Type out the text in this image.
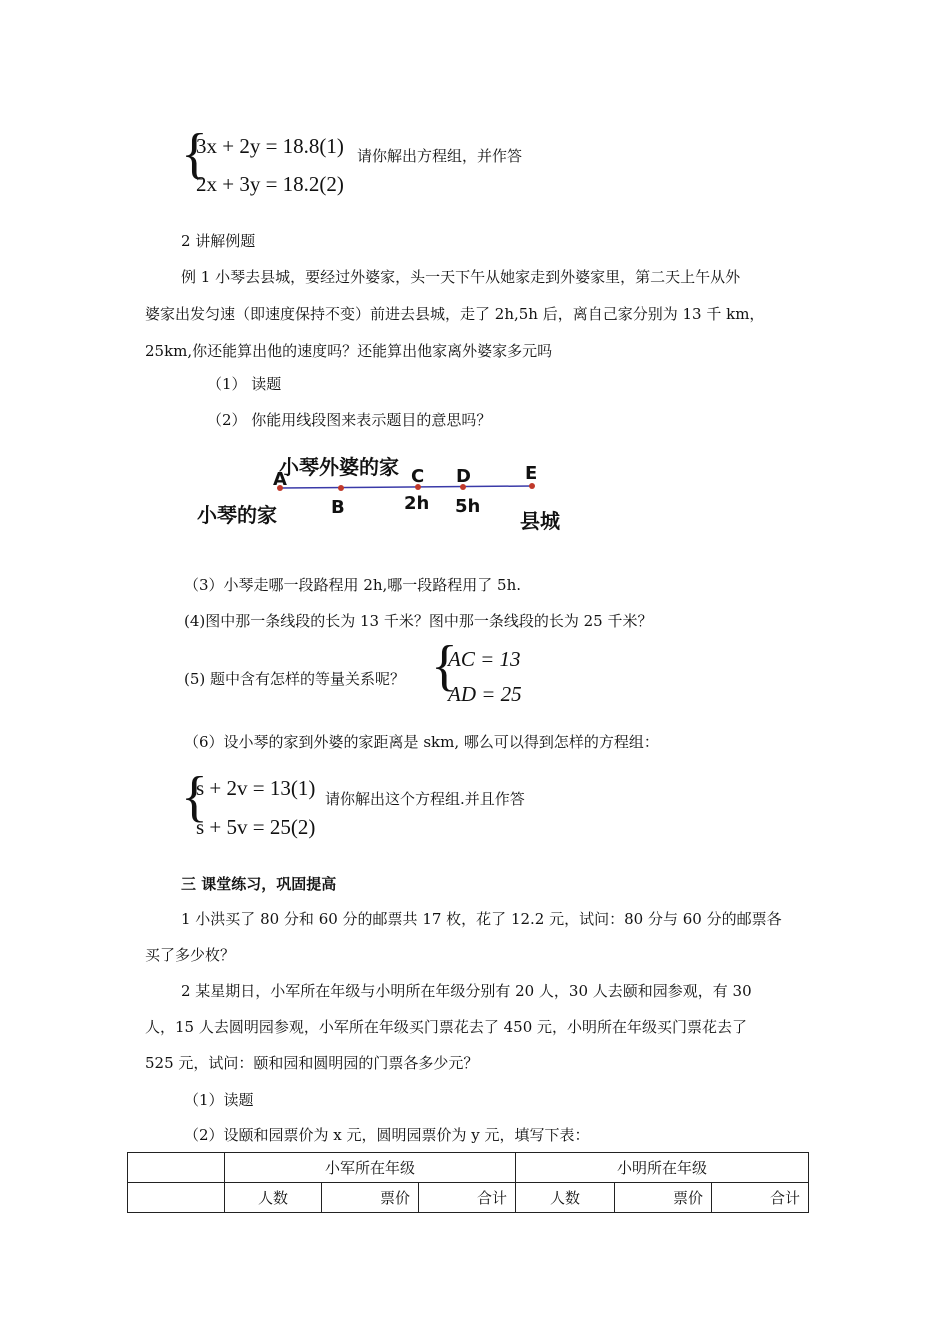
{
3x + 2y = 18.8(1)
2x + 3y = 18.2(2)
请你解出方程组，并作答
2 讲解例题
例 1 小琴去县城，要经过外婆家，头一天下午从她家走到外婆家里，第二天上午从外
婆家出发匀速（即速度保持不变）前进去县城，走了 2h,5h 后，离自己家分别为 13 千 km，
25km,你还能算出他的速度吗？还能算出他家离外婆家多元吗
（1） 读题
（2） 你能用线段图来表示题目的意思吗？
小琴外婆的家
A	C D	E
小琴的家	B	2h 5h
县城
（3）小琴走哪一段路程用 2h,哪一段路程用了 5h.
(4)图中那一条线段的长为 13 千米？图中那一条线段的长为 25 千米？
(5) 题中含有怎样的等量关系呢？ {
AC = 13
AD = 25
（6）设小琴的家到外婆的家距离是 skm, 哪么可以得到怎样的方程组：
{
s + 2v = 13(1)
s + 5v = 25(2)
请你解出这个方程组.并且作答
三 课堂练习，巩固提高
1 小洪买了 80 分和 60 分的邮票共 17 枚，花了 12.2 元，试问：80 分与 60 分的邮票各
买了多少枚？
2 某星期日，小军所在年级与小明所在年级分别有 20 人，30 人去颐和园参观，有 30
人，15 人去圆明园参观，小军所在年级买门票花去了 450 元，小明所在年级买门票花去了
525 元，试问：颐和园和圆明园的门票各多少元？
（1）读题
（2）设颐和园票价为 x 元，圆明园票价为 y 元，填写下表：
	小军所在年级			小明所在年级		
	人数	票价	合计	人数	票价	合计
